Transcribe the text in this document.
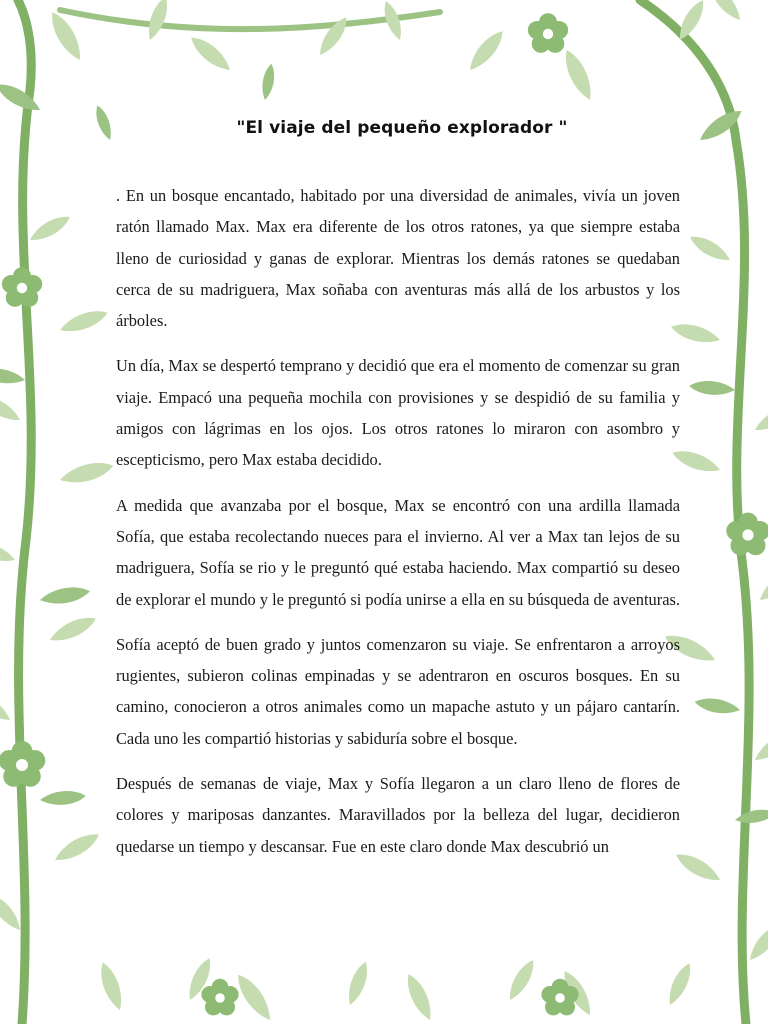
"El viaje del pequeño explorador "

. En un bosque encantado, habitado por una diversidad de animales, vivía un joven ratón llamado Max. Max era diferente de los otros ratones, ya que siempre estaba lleno de curiosidad y ganas de explorar. Mientras los demás ratones se quedaban cerca de su madriguera, Max soñaba con aventuras más allá de los arbustos y los árboles.

Un día, Max se despertó temprano y decidió que era el momento de comenzar su gran viaje. Empacó una pequeña mochila con provisiones y se despidió de su familia y amigos con lágrimas en los ojos. Los otros ratones lo miraron con asombro y escepticismo, pero Max estaba decidido.

A medida que avanzaba por el bosque, Max se encontró con una ardilla llamada Sofía, que estaba recolectando nueces para el invierno. Al ver a Max tan lejos de su madriguera, Sofía se rio y le preguntó qué estaba haciendo. Max compartió su deseo de explorar el mundo y le preguntó si podía unirse a ella en su búsqueda de aventuras.

Sofía aceptó de buen grado y juntos comenzaron su viaje. Se enfrentaron a arroyos rugientes, subieron colinas empinadas y se adentraron en oscuros bosques. En su camino, conocieron a otros animales como un mapache astuto y un pájaro cantarín. Cada uno les compartió historias y sabiduría sobre el bosque.

Después de semanas de viaje, Max y Sofía llegaron a un claro lleno de flores de colores y mariposas danzantes. Maravillados por la belleza del lugar, decidieron quedarse un tiempo y descansar. Fue en este claro donde Max descubrió un
